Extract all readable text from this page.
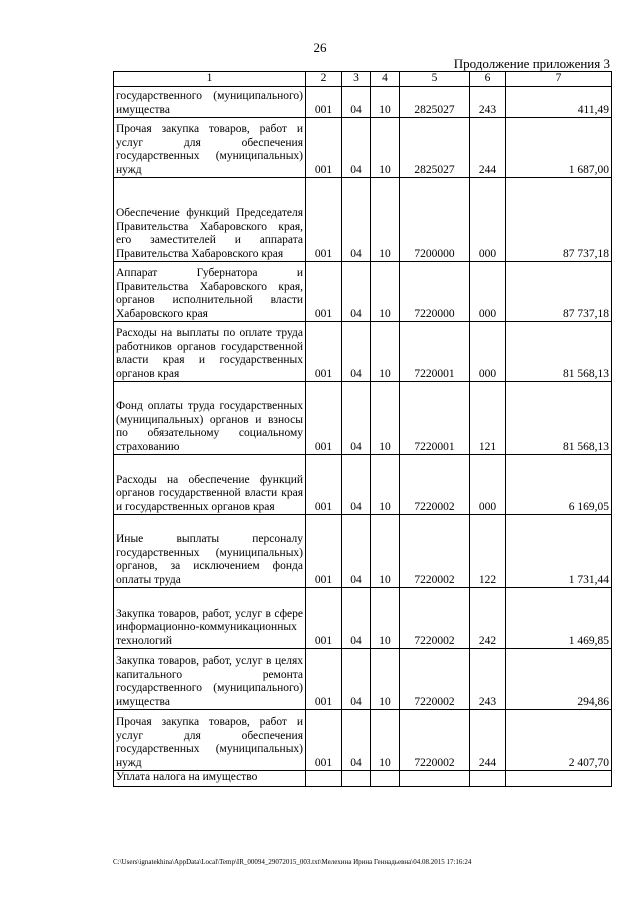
26
Продолжение приложения 3
1	2	3	4	5	6	7
государственного (муниципального) имущества	001	04	10	2825027	243	411,49
Прочая закупка товаров, работ и услуг для обеспечения государственных (муниципальных) нужд	001	04	10	2825027	244	1 687,00
Обеспечение функций Председателя Правительства Хабаровского края, его заместителей и аппарата Правительства Хабаровского края	001	04	10	7200000	000	87 737,18
Аппарат Губернатора и Правительства Хабаровского края, органов исполнительной власти Хабаровского края	001	04	10	7220000	000	87 737,18
Расходы на выплаты по оплате труда работников органов государственной власти края и государственных органов края	001	04	10	7220001	000	81 568,13
Фонд оплаты труда государственных (муниципальных) органов и взносы по обязательному социальному страхованию	001	04	10	7220001	121	81 568,13
Расходы на обеспечение функций органов государственной власти края и государственных органов края	001	04	10	7220002	000	6 169,05
Иные выплаты персоналу государственных (муниципальных) органов, за исключением фонда оплаты труда	001	04	10	7220002	122	1 731,44
Закупка товаров, работ, услуг в сфере информационно-коммуникационных технологий	001	04	10	7220002	242	1 469,85
Закупка товаров, работ, услуг в целях капитального ремонта государственного (муниципального) имущества	001	04	10	7220002	243	294,86
Прочая закупка товаров, работ и услуг для обеспечения государственных (муниципальных) нужд	001	04	10	7220002	244	2 407,70
Уплата налога на имущество						
C:\Users\ignatekhina\AppData\Local\Temp\IR_00094_29072015_003.txt\Мелехина Ирина Геннадьевна\04.08.2015 17:16:24
